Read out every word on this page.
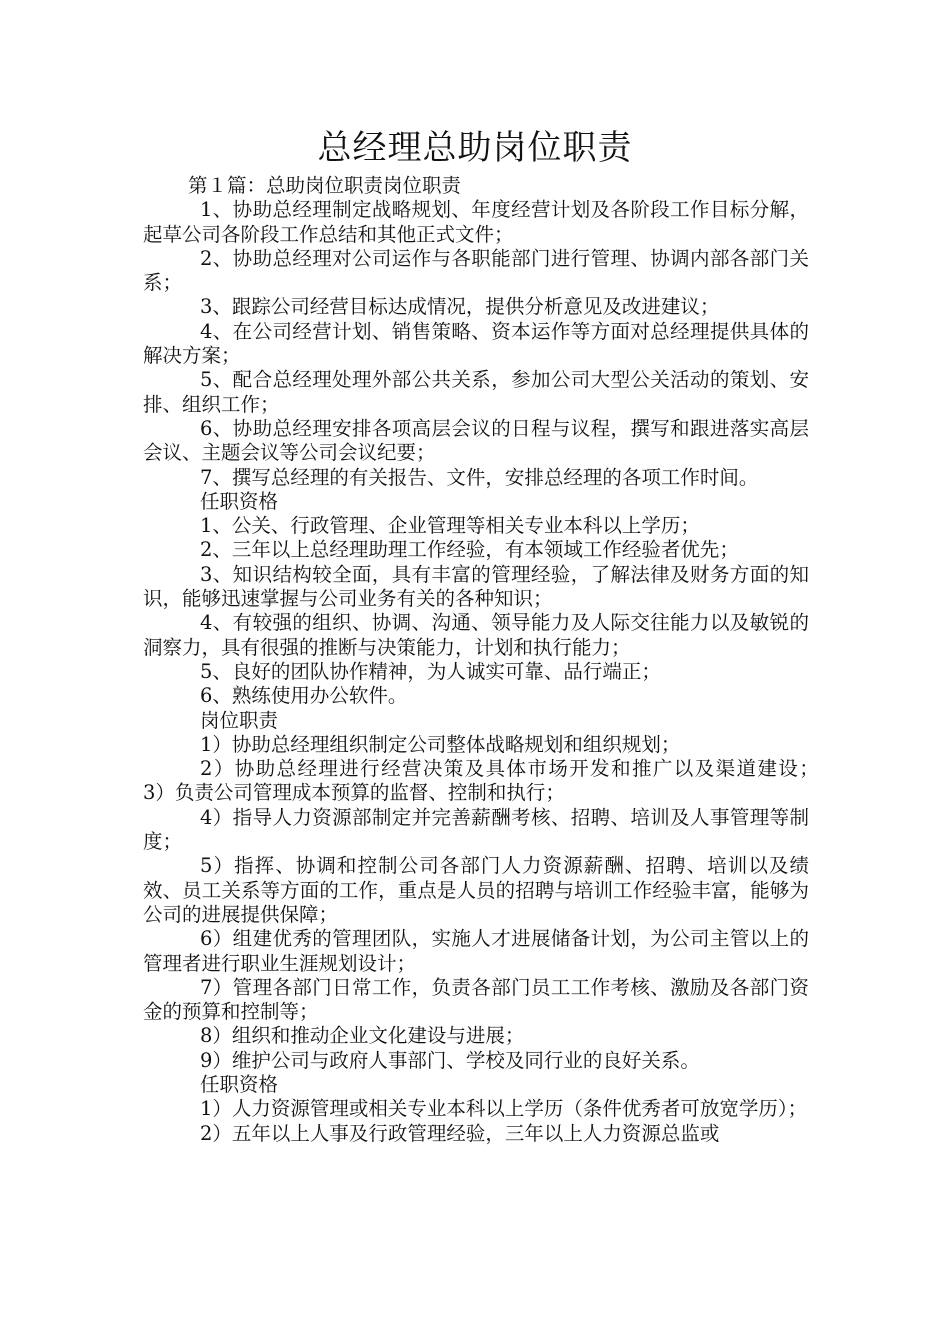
总经理总助岗位职责

第１篇：总助岗位职责岗位职责

1、协助总经理制定战略规划、年度经营计划及各阶段工作目标分解，起草公司各阶段工作总结和其他正式文件；

2、协助总经理对公司运作与各职能部门进行管理、协调内部各部门关系；

3、跟踪公司经营目标达成情况，提供分析意见及改进建议；

4、在公司经营计划、销售策略、资本运作等方面对总经理提供具体的解决方案；

5、配合总经理处理外部公共关系，参加公司大型公关活动的策划、安排、组织工作；

6、协助总经理安排各项高层会议的日程与议程，撰写和跟进落实高层会议、主题会议等公司会议纪要；

7、撰写总经理的有关报告、文件，安排总经理的各项工作时间。

任职资格

1、公关、行政管理、企业管理等相关专业本科以上学历；

2、三年以上总经理助理工作经验，有本领域工作经验者优先；

3、知识结构较全面，具有丰富的管理经验，了解法律及财务方面的知识，能够迅速掌握与公司业务有关的各种知识；

4、有较强的组织、协调、沟通、领导能力及人际交往能力以及敏锐的洞察力，具有很强的推断与决策能力，计划和执行能力；

5、良好的团队协作精神，为人诚实可靠、品行端正；

6、熟练使用办公软件。

岗位职责

1）协助总经理组织制定公司整体战略规划和组织规划；

2）协助总经理进行经营决策及具体市场开发和推广以及渠道建设；　3）负责公司管理成本预算的监督、控制和执行；

4）指导人力资源部制定并完善薪酬考核、招聘、培训及人事管理等制度；

5）指挥、协调和控制公司各部门人力资源薪酬、招聘、培训以及绩效、员工关系等方面的工作，重点是人员的招聘与培训工作经验丰富，能够为公司的进展提供保障；

6）组建优秀的管理团队，实施人才进展储备计划，为公司主管以上的管理者进行职业生涯规划设计；

7）管理各部门日常工作，负责各部门员工工作考核、激励及各部门资金的预算和控制等；

8）组织和推动企业文化建设与进展；

9）维护公司与政府人事部门、学校及同行业的良好关系。

任职资格

1）人力资源管理或相关专业本科以上学历（条件优秀者可放宽学历）；

2）五年以上人事及行政管理经验，三年以上人力资源总监或
